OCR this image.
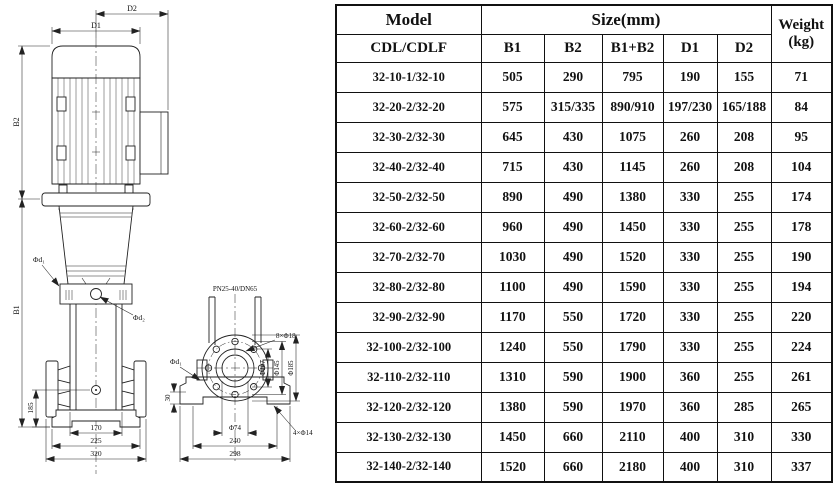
D2
D1
B2
B1
185
170
225
320
Φd₁
Φd₂
PN25-40/DN65
8×Φ18
Φd₁
30
Φ74
240
298
4×Φ14
Φ107 Φ145 Φ185
Model	Size(mm)					Weight
(kg)

CDL/CDLF	B1	B2	B1+B2	D1	D2	
32-10-1/32-10	505	290	795	190	155	71
32-20-2/32-20	575	315/335	890/910	197/230	165/188	84
32-30-2/32-30	645	430	1075	260	208	95
32-40-2/32-40	715	430	1145	260	208	104
32-50-2/32-50	890	490	1380	330	255	174
32-60-2/32-60	960	490	1450	330	255	178
32-70-2/32-70	1030	490	1520	330	255	190
32-80-2/32-80	1100	490	1590	330	255	194
32-90-2/32-90	1170	550	1720	330	255	220
32-100-2/32-100	1240	550	1790	330	255	224
32-110-2/32-110	1310	590	1900	360	255	261
32-120-2/32-120	1380	590	1970	360	285	265
32-130-2/32-130	1450	660	2110	400	310	330
32-140-2/32-140	1520	660	2180	400	310	337
